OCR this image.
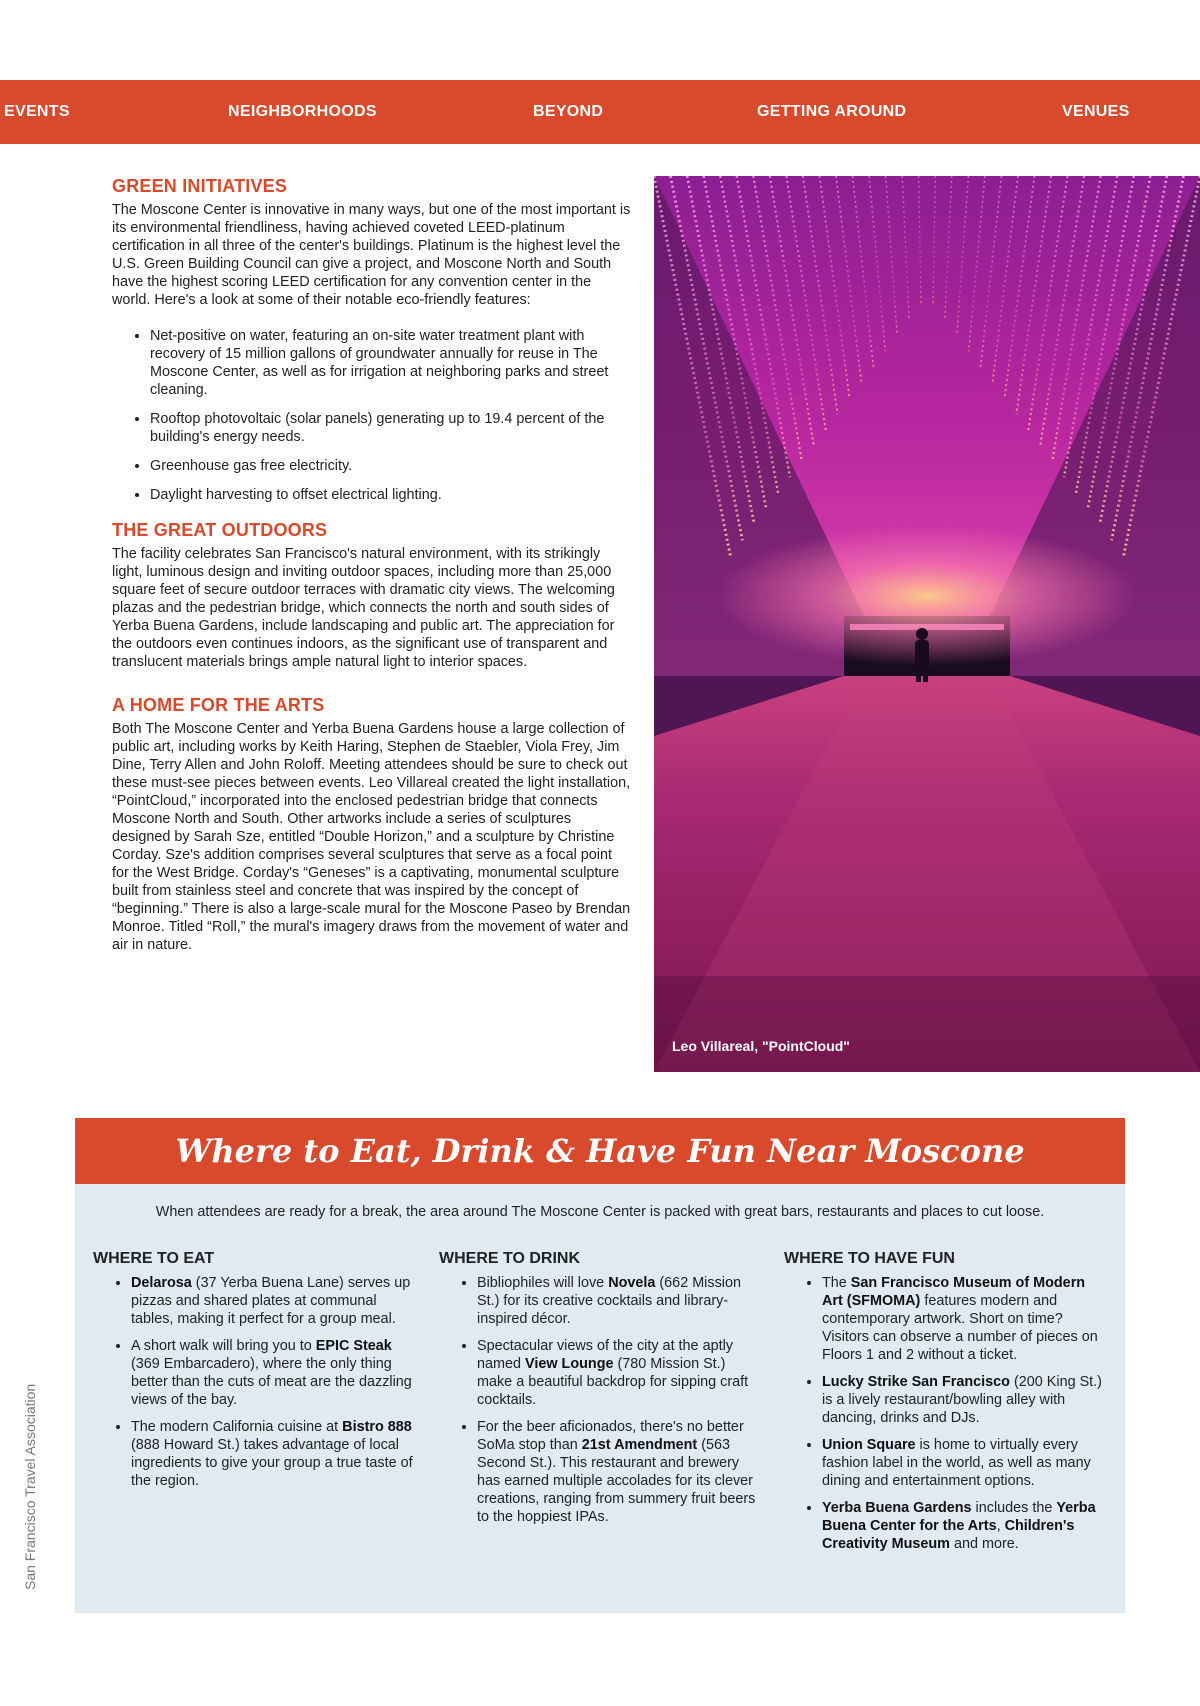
EVENTS	NEIGHBORHOODS	BEYOND	GETTING AROUND	VENUES
GREEN INITIATIVES

The Moscone Center is innovative in many ways, but one of the most important is its environmental friendliness, having achieved coveted LEED-platinum certification in all three of the center's buildings. Platinum is the highest level the U.S. Green Building Council can give a project, and Moscone North and South have the highest scoring LEED certification for any convention center in the world. Here's a look at some of their notable eco-friendly features:

• Net-positive on water, featuring an on-site water treatment plant with recovery of 15 million gallons of groundwater annually for reuse in The Moscone Center, as well as for irrigation at neighboring parks and street cleaning.
• Rooftop photovoltaic (solar panels) generating up to 19.4 percent of the building's energy needs.
• Greenhouse gas free electricity.
• Daylight harvesting to offset electrical lighting.
THE GREAT OUTDOORS

The facility celebrates San Francisco's natural environment, with its strikingly light, luminous design and inviting outdoor spaces, including more than 25,000 square feet of secure outdoor terraces with dramatic city views. The welcoming plazas and the pedestrian bridge, which connects the north and south sides of Yerba Buena Gardens, include landscaping and public art. The appreciation for the outdoors even continues indoors, as the significant use of transparent and translucent materials brings ample natural light to interior spaces.

A HOME FOR THE ARTS

Both The Moscone Center and Yerba Buena Gardens house a large collection of public art, including works by Keith Haring, Stephen de Staebler, Viola Frey, Jim Dine, Terry Allen and John Roloff. Meeting attendees should be sure to check out these must-see pieces between events. Leo Villareal created the light installation, “PointCloud,” incorporated into the enclosed pedestrian bridge that connects Moscone North and South. Other artworks include a series of sculptures designed by Sarah Sze, entitled “Double Horizon,” and a sculpture by Christine Corday. Sze's addition comprises several sculptures that serve as a focal point for the West Bridge. Corday's “Geneses” is a captivating, monumental sculpture built from stainless steel and concrete that was inspired by the concept of “beginning.” There is also a large-scale mural for the Moscone Paseo by Brendan Monroe. Titled “Roll,” the mural's imagery draws from the movement of water and air in nature.

Leo Villareal, "PointCloud"
Where to Eat, Drink & Have Fun Near Moscone
When attendees are ready for a break, the area around The Moscone Center is packed with great bars, restaurants and places to cut loose.
WHERE TO EAT
• Delarosa (37 Yerba Buena Lane) serves up pizzas and shared plates at communal tables, making it perfect for a group meal.
• A short walk will bring you to EPIC Steak (369 Embarcadero), where the only thing better than the cuts of meat are the dazzling views of the bay.
• The modern California cuisine at Bistro 888 (888 Howard St.) takes advantage of local ingredients to give your group a true taste of the region.
WHERE TO DRINK
• Bibliophiles will love Novela (662 Mission St.) for its creative cocktails and library-inspired décor.
• Spectacular views of the city at the aptly named View Lounge (780 Mission St.) make a beautiful backdrop for sipping craft cocktails.
• For the beer aficionados, there's no better SoMa stop than 21st Amendment (563 Second St.). This restaurant and brewery has earned multiple accolades for its clever creations, ranging from summery fruit beers to the hoppiest IPAs.
WHERE TO HAVE FUN
• The San Francisco Museum of Modern Art (SFMOMA) features modern and contemporary artwork. Short on time? Visitors can observe a number of pieces on Floors 1 and 2 without a ticket.
• Lucky Strike San Francisco (200 King St.) is a lively restaurant/bowling alley with dancing, drinks and DJs.
• Union Square is home to virtually every fashion label in the world, as well as many dining and entertainment options.
• Yerba Buena Gardens includes the Yerba Buena Center for the Arts, Children's Creativity Museum and more.
San Francisco Travel Association
